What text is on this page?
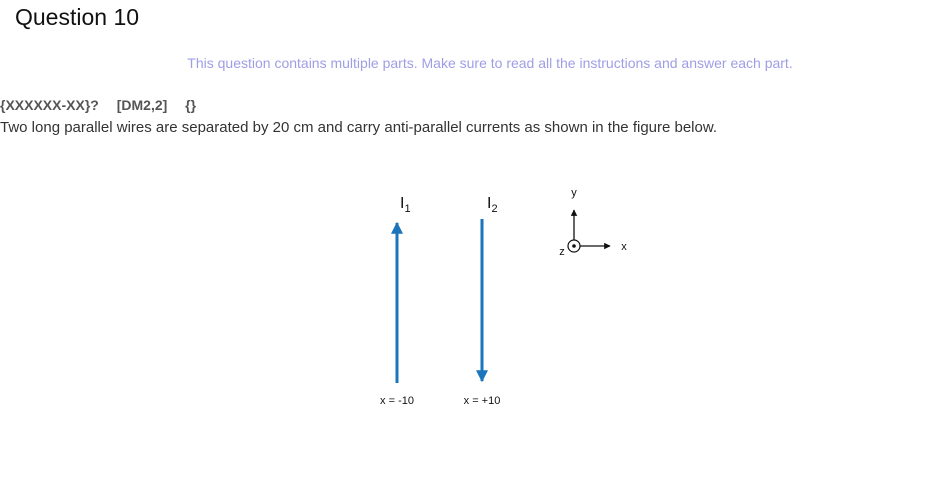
Question 10
This question contains multiple parts. Make sure to read all the instructions and answer each part.
{XXXXXX-XX}? [DM2,2] {}
Two long parallel wires are separated by 20 cm and carry anti-parallel currents as shown in the figure below.
$I_1$
x = -10
$I_2$
x = +10
y
x
z
